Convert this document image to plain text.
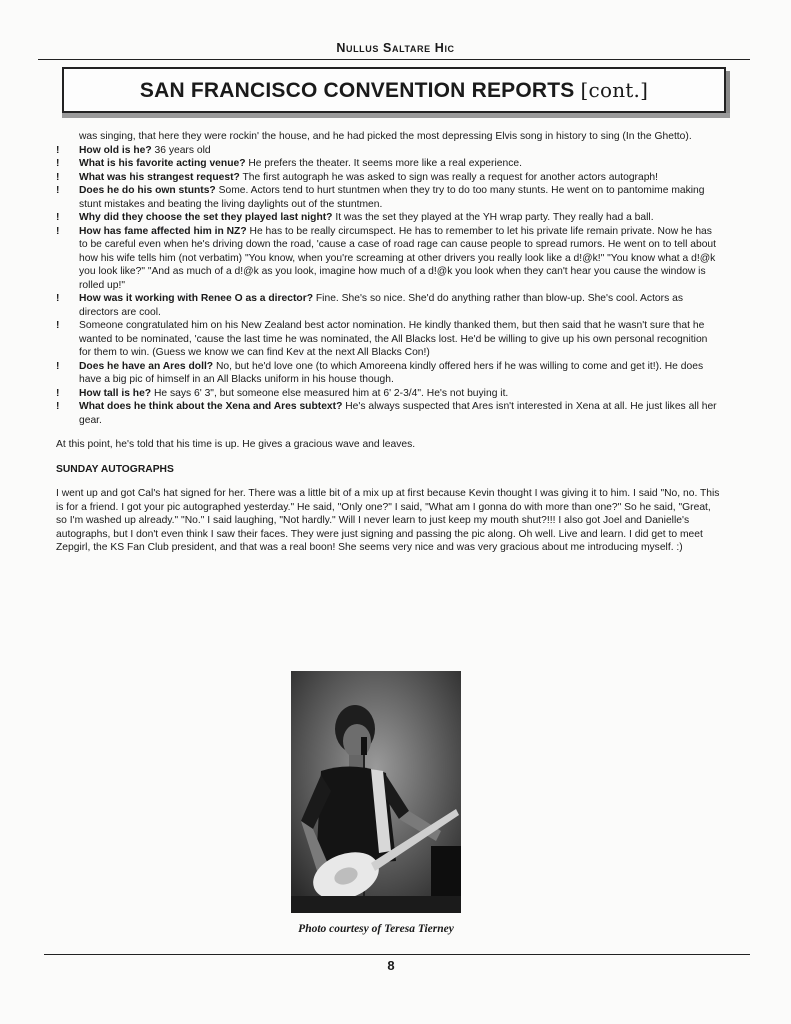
Nullus Saltare Hic
SAN FRANCISCO CONVENTION REPORTS [cont.]
was singing, that here they were rockin' the house, and he had picked the most depressing Elvis song in history to sing (In the Ghetto).
!	How old is he? 36 years old
!	What is his favorite acting venue? He prefers the theater. It seems more like a real experience.
!	What was his strangest request? The first autograph he was asked to sign was really a request for another actors autograph!
!	Does he do his own stunts? Some. Actors tend to hurt stuntmen when they try to do too many stunts. He went on to pantomime making stunt mistakes and beating the living daylights out of the stuntmen.
!	Why did they choose the set they played last night? It was the set they played at the YH wrap party. They really had a ball.
!	How has fame affected him in NZ? He has to be really circumspect. He has to remember to let his private life remain private. Now he has to be careful even when he's driving down the road, 'cause a case of road rage can cause people to spread rumors. He went on to tell about how his wife tells him (not verbatim) "You know, when you're screaming at other drivers you really look like a d!@k!" "You know what a d!@k you look like?" "And as much of a d!@k as you look, imagine how much of a d!@k you look when they can't hear you cause the window is rolled up!"
!	How was it working with Renee O as a director? Fine. She's so nice. She'd do anything rather than blow-up. She's cool. Actors as directors are cool.
!	Someone congratulated him on his New Zealand best actor nomination. He kindly thanked them, but then said that he wasn't sure that he wanted to be nominated, 'cause the last time he was nominated, the All Blacks lost. He'd be willing to give up his own personal recognition for them to win. (Guess we know we can find Kev at the next All Blacks Con!)
!	Does he have an Ares doll? No, but he'd love one (to which Amoreena kindly offered hers if he was willing to come and get it!). He does have a big pic of himself in an All Blacks uniform in his house though.
!	How tall is he? He says 6' 3", but someone else measured him at 6' 2-3/4". He's not buying it.
!	What does he think about the Xena and Ares subtext? He's always suspected that Ares isn't interested in Xena at all. He just likes all her gear.
At this point, he's told that his time is up. He gives a gracious wave and leaves.
SUNDAY AUTOGRAPHS
I went up and got Cal's hat signed for her. There was a little bit of a mix up at first because Kevin thought I was giving it to him. I said "No, no. This is for a friend. I got your pic autographed yesterday." He said, "Only one?" I said, "What am I gonna do with more than one?" So he said, "Great, so I'm washed up already." "No." I said laughing, "Not hardly." Will I never learn to just keep my mouth shut?!!! I also got Joel and Danielle's autographs, but I don't even think I saw their faces. They were just signing and passing the pic along. Oh well. Live and learn. I did get to meet Zepgirl, the KS Fan Club president, and that was a real boon! She seems very nice and was very gracious about me introducing myself. :)
Photo courtesy of Teresa Tierney
8
